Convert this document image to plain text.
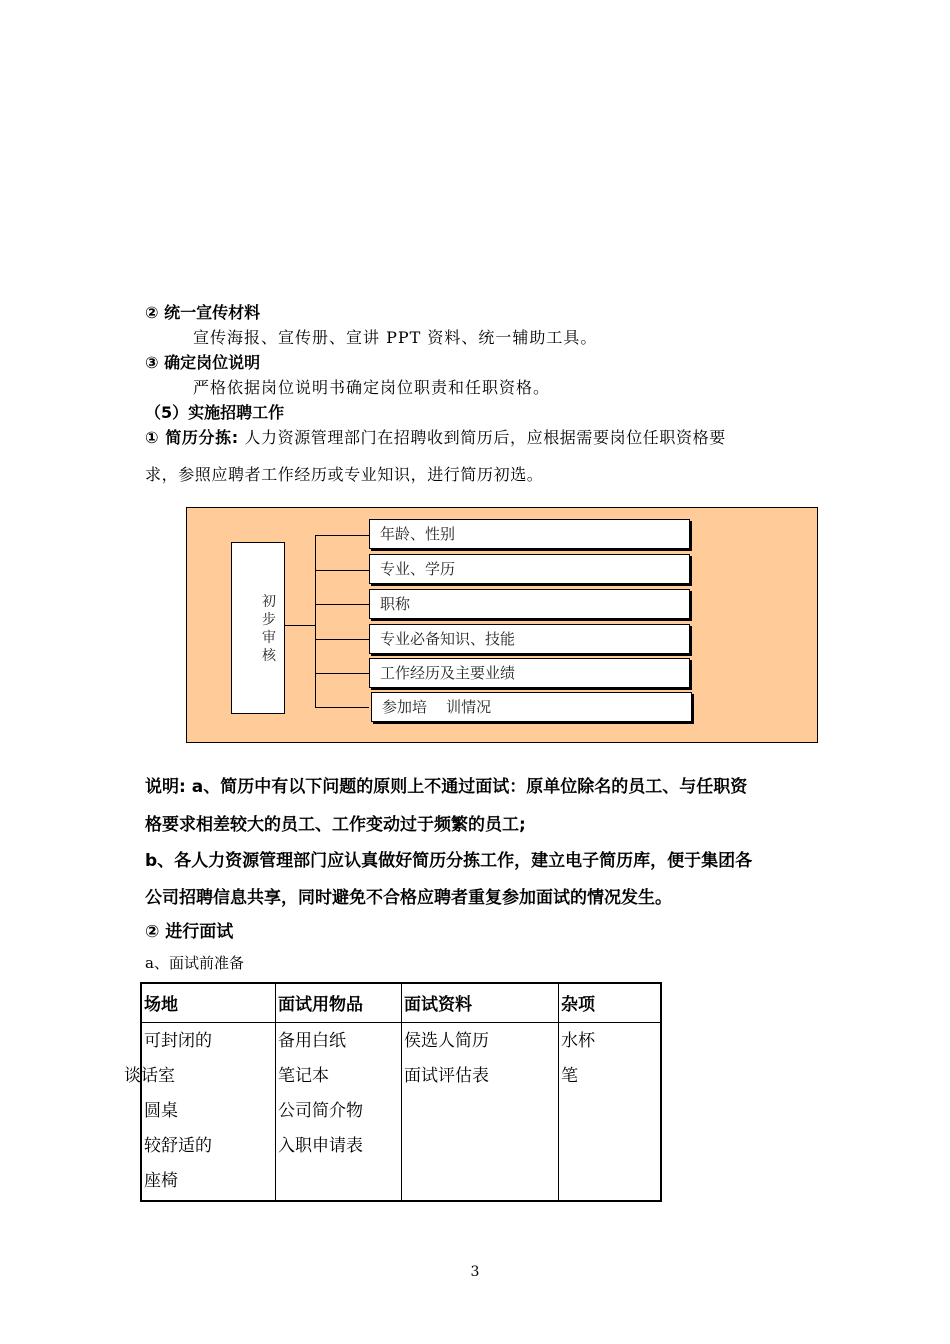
② 统一宣传材料
宣传海报、宣传册、宣讲 PPT 资料、统一辅助工具。
③ 确定岗位说明
严格依据岗位说明书确定岗位职责和任职资格。
（5）实施招聘工作
① 简历分拣: 人力资源管理部门在招聘收到简历后，应根据需要岗位任职资格要
求，参照应聘者工作经历或专业知识，进行简历初选。
初步审核
年龄、性别
专业、学历
职称
专业必备知识、技能
工作经历及主要业绩
参加培    训情况
说明: a、简历中有以下问题的原则上不通过面试：原单位除名的员工、与任职资
格要求相差较大的员工、工作变动过于频繁的员工;
b、各人力资源管理部门应认真做好简历分拣工作，建立电子简历库，便于集团各
公司招聘信息共享，同时避免不合格应聘者重复参加面试的情况发生。
② 进行面试
a、面试前准备
场地	面试用物品 面试资料	杂项
可封闭的
谈话室
圆桌
较舒适的
座椅
备用白纸
笔记本
公司简介物
入职申请表
侯选人简历
面试评估表
水杯
笔
3
